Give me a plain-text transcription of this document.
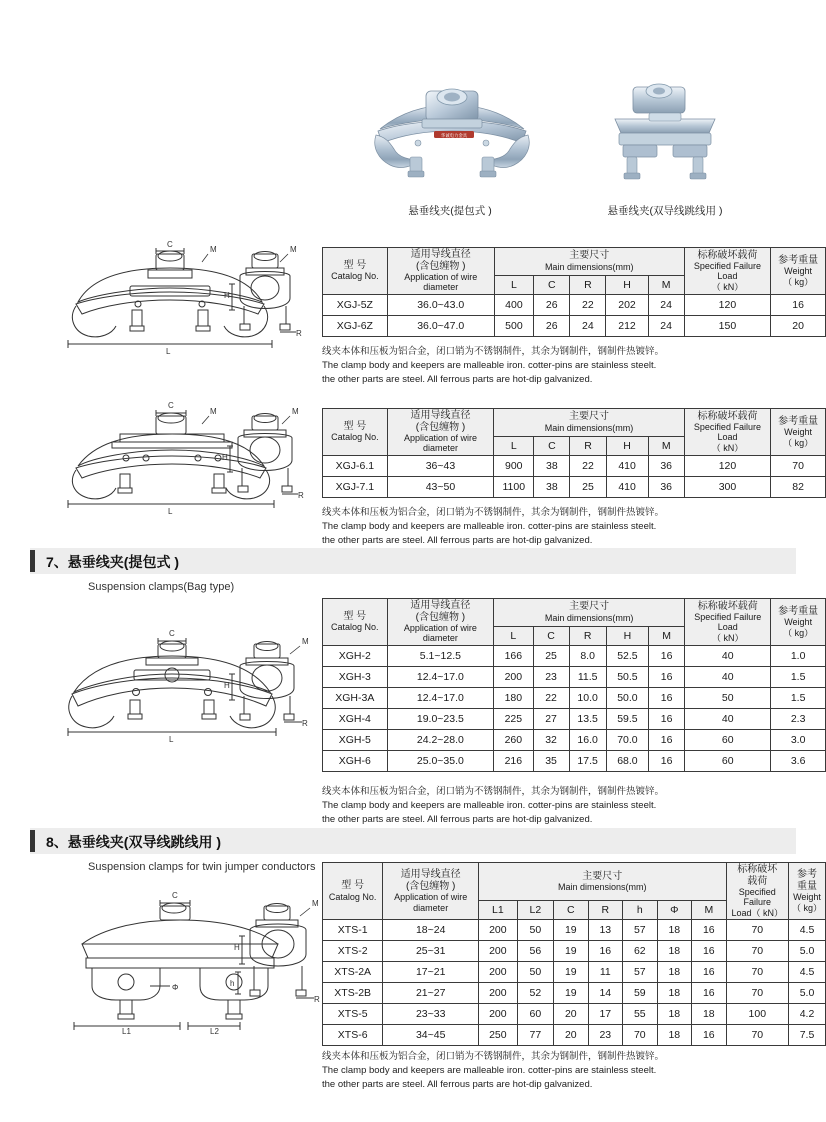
华诚电力金具
悬垂线夹(提包式 )	悬垂线夹(双导线跳线用 )
C
M
L
H
R
M
型 号
Catalog No.

适用导线直径
(含包缠物 )
Application of wire diameter

主要尺寸
Main dimensions(mm)

标称破坏载荷
Specified Failure Load
（ kN）

参考重量
Weight
（ kg）

		L	C	R	H	M		
XGJ-5Z	36.0~43.0	400	26	22	202	24	120	16
XGJ-6Z	36.0~47.0	500	26	24	212	24	150	20
线夹本体和压板为铝合金，闭口销为不锈钢制件，其余为钢制件，钢制件热镀锌。
The clamp body and keepers are malleable iron. cotter-pins are stainless steelt.
the other parts are steel. All ferrous parts are hot-dip galvanized.
C
M
L
H
R
M
型 号
Catalog No.

适用导线直径
(含包缠物 )
Application of wire diameter

主要尺寸
Main dimensions(mm)

标称破坏载荷
Specified Failure Load
（ kN）

参考重量
Weight
（ kg）

		L	C	R	H	M		
XGJ-6.1	36~43	900	38	22	410	36	120	70
XGJ-7.1	43~50	1100	38	25	410	36	300	82
线夹本体和压板为铝合金，闭口销为不锈钢制件，其余为钢制件，钢制件热镀锌。
The clamp body and keepers are malleable iron. cotter-pins are stainless steelt.
the other parts are steel. All ferrous parts are hot-dip galvanized.
7、悬垂线夹(提包式 )
Suspension clamps(Bag type)
C
L
H
R
M
型 号
Catalog No.

适用导线直径
(含包缠物 )
Application of wire diameter

主要尺寸
Main dimensions(mm)

标称破坏载荷
Specified Failure Load
（ kN）

参考重量
Weight
（ kg）

		L	C	R	H	M		
XGH-2	5.1~12.5	166	25	8.0	52.5	16	40	1.0
XGH-3	12.4~17.0	200	23	11.5	50.5	16	40	1.5
XGH-3A	12.4~17.0	180	22	10.0	50.0	16	50	1.5
XGH-4	19.0~23.5	225	27	13.5	59.5	16	40	2.3
XGH-5	24.2~28.0	260	32	16.0	70.0	16	60	3.0
XGH-6	25.0~35.0	216	35	17.5	68.0	16	60	3.6
线夹本体和压板为铝合金，闭口销为不锈钢制件，其余为钢制件，钢制件热镀锌。
The clamp body and keepers are malleable iron. cotter-pins are stainless steelt.
the other parts are steel. All ferrous parts are hot-dip galvanized.
8、悬垂线夹(双导线跳线用 )
Suspension clamps for twin jumper conductors
C
L1	L2
Φ
H
h
R
M
型 号
Catalog No.

适用导线直径
(含包缠物 )
Application of wire diameter

主要尺寸
Main dimensions(mm)

标称破坏
载荷
Specified Failure
Load（ kN）

参考
重量
Weight
（ kg）

		L1	L2	C	R	h	Φ	M		
XTS-1	18~24	200	50	19	13	57	18	16	70	4.5
XTS-2	25~31	200	56	19	16	62	18	16	70	5.0
XTS-2A	17~21	200	50	19	11	57	18	16	70	4.5
XTS-2B	21~27	200	52	19	14	59	18	16	70	5.0
XTS-5	23~33	200	60	20	17	55	18	18	100	4.2
XTS-6	34~45	250	77	20	23	70	18	16	70	7.5
线夹本体和压板为铝合金，闭口销为不锈钢制件，其余为钢制件，钢制件热镀锌。
The clamp body and keepers are malleable iron. cotter-pins are stainless steelt.
the other parts are steel. All ferrous parts are hot-dip galvanized.
